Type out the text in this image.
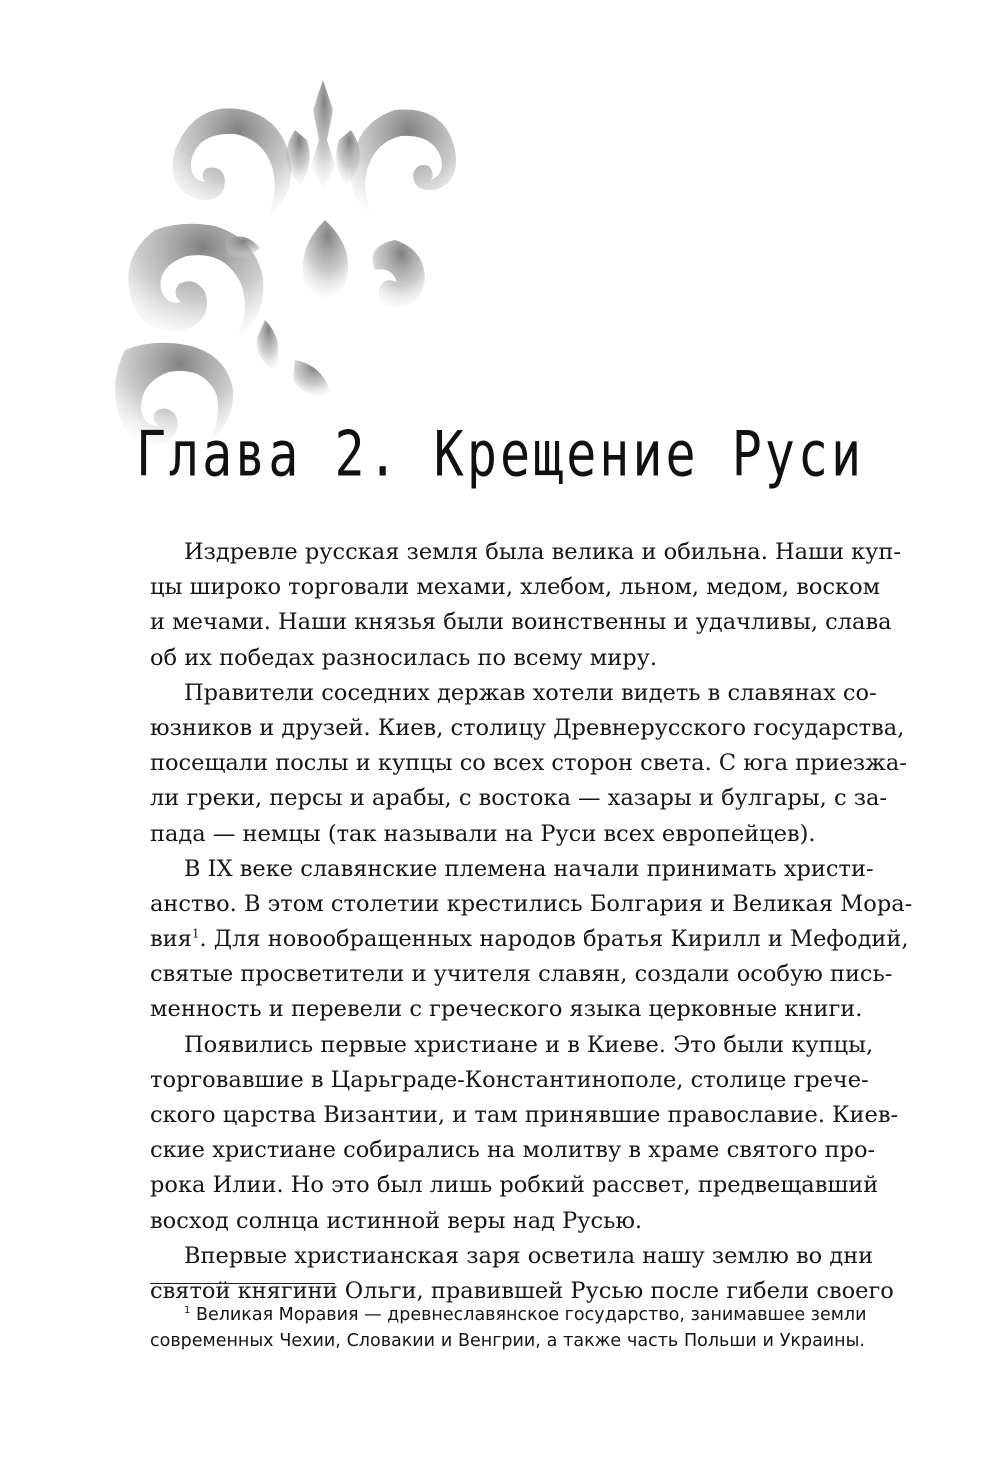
Глава 2. Крещение Руси
Издревле русская земля была велика и обильна. Наши куп-
цы широко торговали мехами, хлебом, льном, медом, воском
и мечами. Наши князья были воинственны и удачливы, слава
об их победах разносилась по всему миру.
Правители соседних держав хотели видеть в славянах со-
юзников и друзей. Киев, столицу Древнерусского государства,
посещали послы и купцы со всех сторон света. С юга приезжа-
ли греки, персы и арабы, с востока — хазары и булгары, с за-
пада — немцы (так называли на Руси всех европейцев).
В IX веке славянские племена начали принимать христи-
анство. В этом столетии крестились Болгария и Великая Мора-
вия$^1$. Для новообращенных народов братья Кирилл и Мефодий,
святые просветители и учителя славян, создали особую пись-
менность и перевели с греческого языка церковные книги.
Появились первые христиане и в Киеве. Это были купцы,
торговавшие в Царьграде-Константинополе, столице грече-
ского царства Византии, и там принявшие православие. Киев-
ские христиане собирались на молитву в храме святого про-
рока Илии. Но это был лишь робкий рассвет, предвещавший
восход солнца истинной веры над Русью.
Впервые христианская заря осветила нашу землю во дни
святой княгини Ольги, правившей Русью после гибели своего
$^1$ Великая Моравия — древнеславянское государство, занимавшее земли
современных Чехии, Словакии и Венгрии, а также часть Польши и Украины.
